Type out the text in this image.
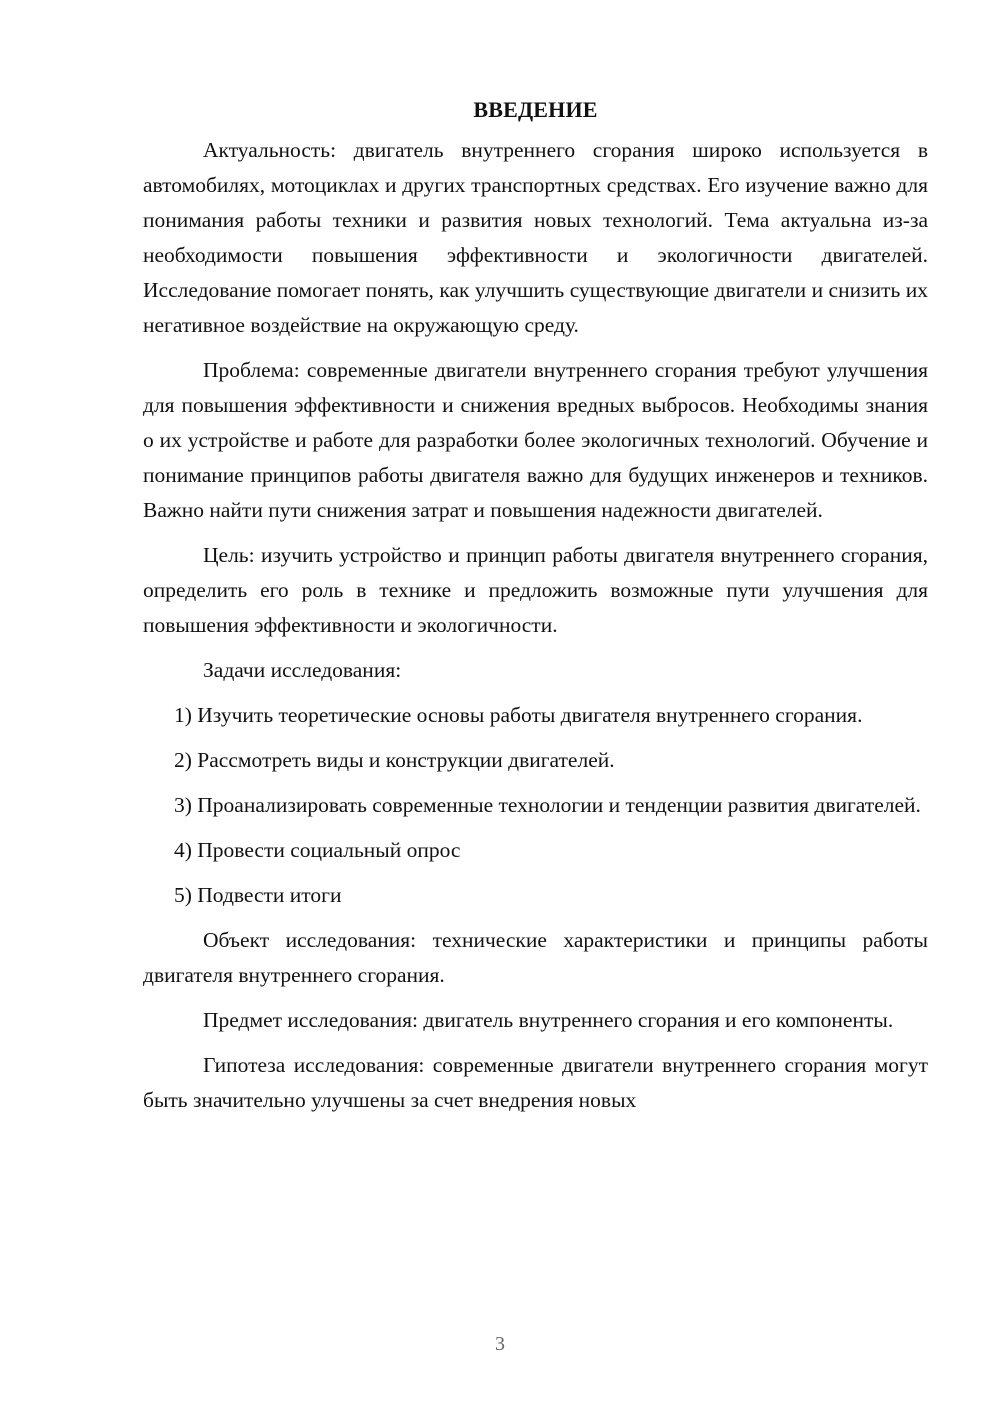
ВВЕДЕНИЕ

Актуальность: двигатель внутреннего сгорания широко используется в автомобилях, мотоциклах и других транспортных средствах. Его изучение важно для понимания работы техники и развития новых технологий. Тема актуальна из-за необходимости повышения эффективности и экологичности двигателей. Исследование помогает понять, как улучшить существующие двигатели и снизить их негативное воздействие на окружающую среду.

Проблема: современные двигатели внутреннего сгорания требуют улучшения для повышения эффективности и снижения вредных выбросов. Необходимы знания о их устройстве и работе для разработки более экологичных технологий. Обучение и понимание принципов работы двигателя важно для будущих инженеров и техников. Важно найти пути снижения затрат и повышения надежности двигателей.

Цель: изучить устройство и принцип работы двигателя внутреннего сгорания, определить его роль в технике и предложить возможные пути улучшения для повышения эффективности и экологичности.

Задачи исследования:

1) Изучить теоретические основы работы двигателя внутреннего сгорания.

2) Рассмотреть виды и конструкции двигателей.

3) Проанализировать современные технологии и тенденции развития двигателей.

4) Провести социальный опрос

5) Подвести итоги

Объект исследования: технические характеристики и принципы работы двигателя внутреннего сгорания.

Предмет исследования: двигатель внутреннего сгорания и его компоненты.

Гипотеза исследования: современные двигатели внутреннего сгорания могут быть значительно улучшены за счет внедрения новых

3
